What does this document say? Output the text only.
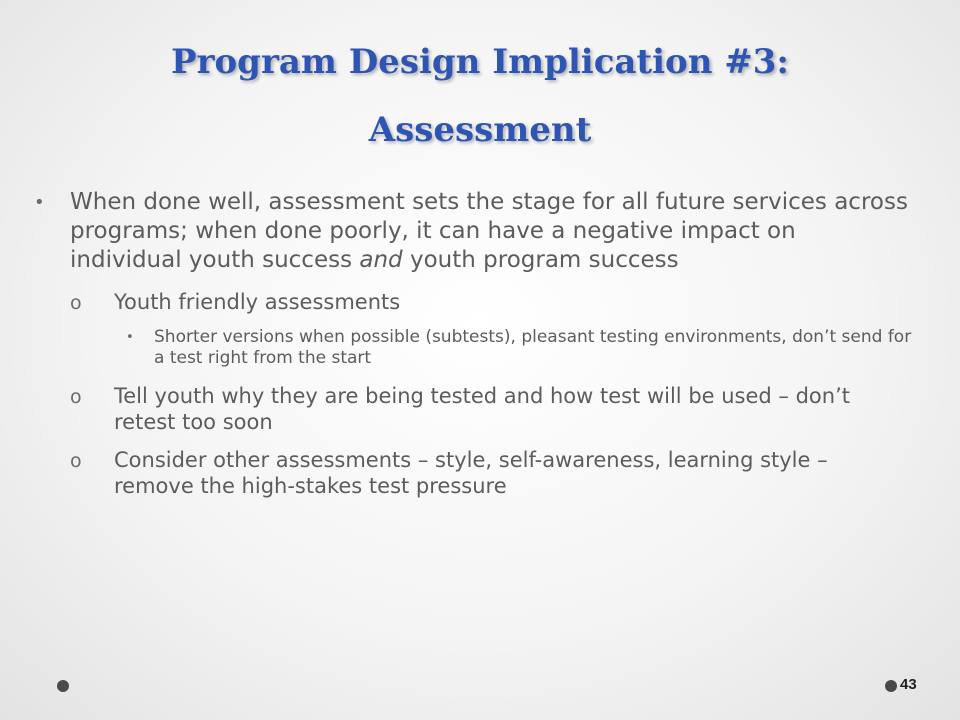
Program Design Implication #3:
Assessment
• When done well, assessment sets the stage for all future services across programs; when done poorly, it can have a negative impact on individual youth success and youth program success
o Youth friendly assessments
• Shorter versions when possible (subtests), pleasant testing environments, don’t send for a test right from the start
o Tell youth why they are being tested and how test will be used – don’t retest too soon
o Consider other assessments – style, self-awareness, learning style – remove the high-stakes test pressure
43
